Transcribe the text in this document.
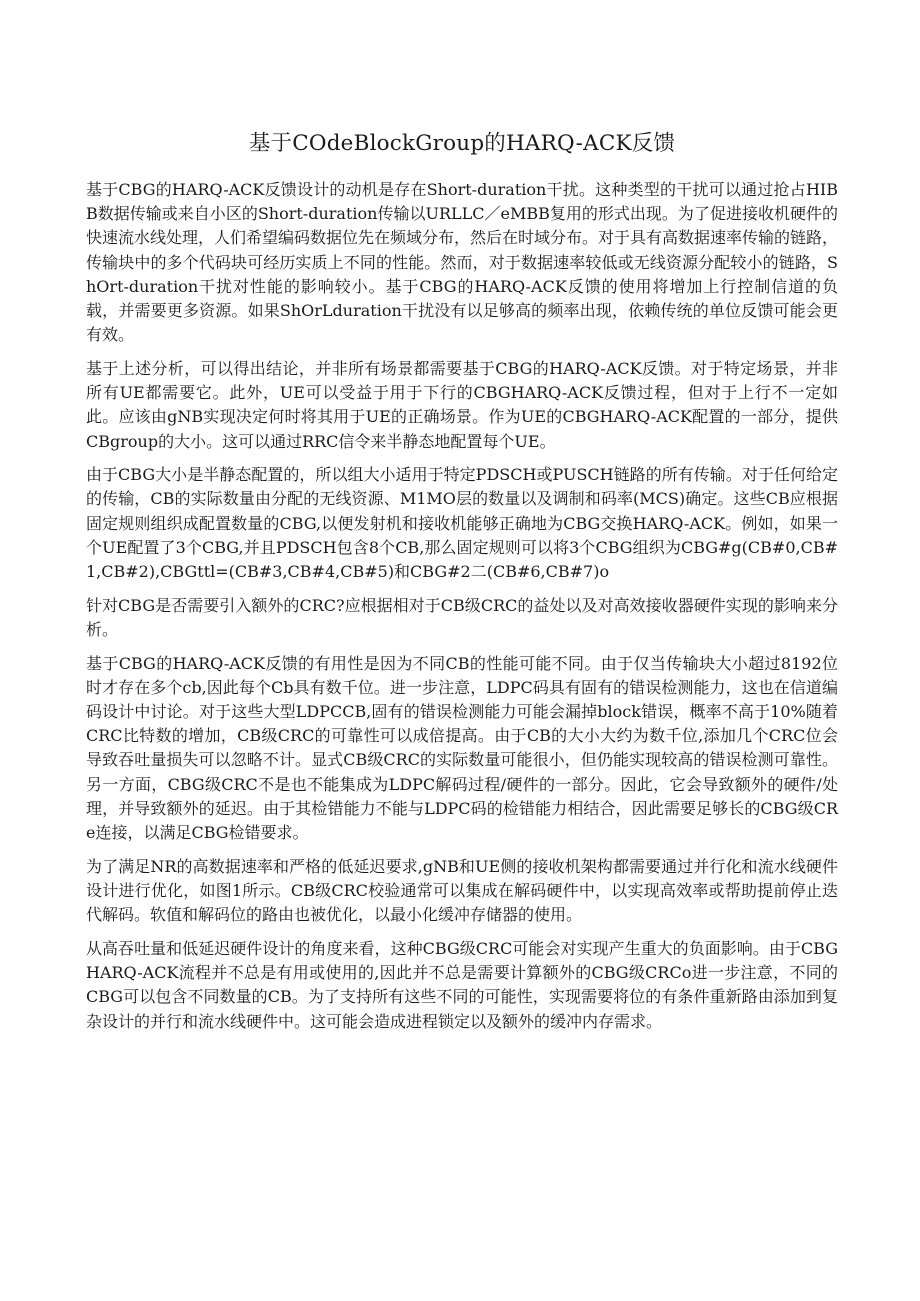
基于COdeBlockGroup的HARQ-ACK反馈

基于CBG的HARQ-ACK反馈设计的动机是存在Short-duration干扰。这种类型的干扰可以通过抢占HIBB数据传输或来自小区的Short-duration传输以URLLC／eMBB复用的形式出现。为了促进接收机硬件的快速流水线处理，人们希望编码数据位先在频域分布，然后在时域分布。对于具有高数据速率传输的链路，传输块中的多个代码块可经历实质上不同的性能。然而，对于数据速率较低或无线资源分配较小的链路，ShOrt-duration干扰对性能的影响较小。基于CBG的HARQ-ACK反馈的使用将增加上行控制信道的负载，并需要更多资源。如果ShOrLduration干扰没有以足够高的频率出现，依赖传统的单位反馈可能会更有效。

基于上述分析，可以得出结论，并非所有场景都需要基于CBG的HARQ-ACK反馈。对于特定场景，并非所有UE都需要它。此外，UE可以受益于用于下行的CBGHARQ-ACK反馈过程，但对于上行不一定如此。应该由gNB实现决定何时将其用于UE的正确场景。作为UE的CBGHARQ-ACK配置的一部分，提供CBgroup的大小。这可以通过RRC信令来半静态地配置每个UE。

由于CBG大小是半静态配置的，所以组大小适用于特定PDSCH或PUSCH链路的所有传输。对于任何给定的传输，CB的实际数量由分配的无线资源、M1MO层的数量以及调制和码率(MCS)确定。这些CB应根据固定规则组织成配置数量的CBG,以便发射机和接收机能够正确地为CBG交换HARQ-ACK。例如，如果一个UE配置了3个CBG,并且PDSCH包含8个CB,那么固定规则可以将3个CBG组织为CBG#g(CB#0,CB#1,CB#2),CBGttl=(CB#3,CB#4,CB#5)和CBG#2二(CB#6,CB#7)o

针对CBG是否需要引入额外的CRC?应根据相对于CB级CRC的益处以及对高效接收器硬件实现的影响来分析。

基于CBG的HARQ-ACK反馈的有用性是因为不同CB的性能可能不同。由于仅当传输块大小超过8192位时才存在多个cb,因此每个Cb具有数千位。进一步注意，LDPC码具有固有的错误检测能力，这也在信道编码设计中讨论。对于这些大型LDPCCB,固有的错误检测能力可能会漏掉block错误，概率不高于10%随着CRC比特数的增加，CB级CRC的可靠性可以成倍提高。由于CB的大小大约为数千位,添加几个CRC位会导致吞吐量损失可以忽略不计。显式CB级CRC的实际数量可能很小，但仍能实现较高的错误检测可靠性。另一方面，CBG级CRC不是也不能集成为LDPC解码过程/硬件的一部分。因此，它会导致额外的硬件/处理，并导致额外的延迟。由于其检错能力不能与LDPC码的检错能力相结合，因此需要足够长的CBG级CRe连接，以满足CBG检错要求。

为了满足NR的高数据速率和严格的低延迟要求,gNB和UE侧的接收机架构都需要通过并行化和流水线硬件设计进行优化，如图1所示。CB级CRC校验通常可以集成在解码硬件中，以实现高效率或帮助提前停止迭代解码。软值和解码位的路由也被优化，以最小化缓冲存储器的使用。

从高吞吐量和低延迟硬件设计的角度来看，这种CBG级CRC可能会对实现产生重大的负面影响。由于CBGHARQ-ACK流程并不总是有用或使用的,因此并不总是需要计算额外的CBG级CRCo进一步注意，不同的CBG可以包含不同数量的CB。为了支持所有这些不同的可能性，实现需要将位的有条件重新路由添加到复杂设计的并行和流水线硬件中。这可能会造成进程锁定以及额外的缓冲内存需求。
